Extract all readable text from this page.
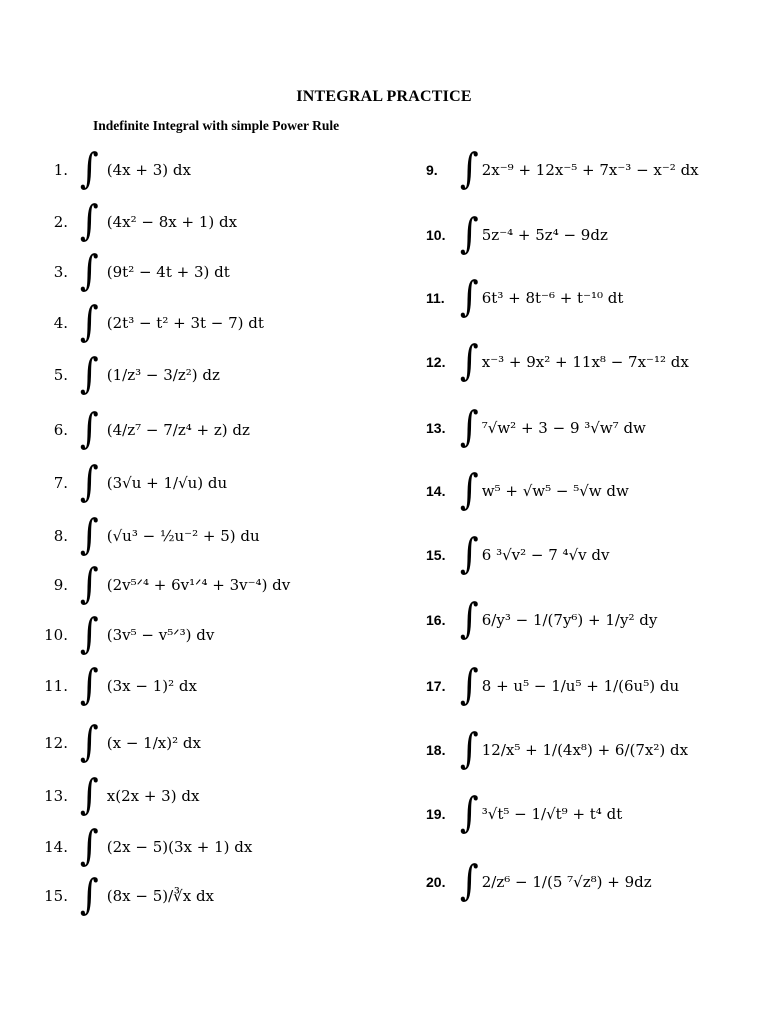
INTEGRAL PRACTICE
Indefinite Integral with simple Power Rule
1. ∫ (4x + 3) dx
2. ∫ (4x² − 8x + 1) dx
3. ∫ (9t² − 4t + 3) dt
4. ∫ (2t³ − t² + 3t − 7) dt
5. ∫ (1/z³ − 3/z²) dz
6. ∫ (4/z⁷ − 7/z⁴ + z) dz
7. ∫ (3√u + 1/√u) du
8. ∫ (√u³ − ½u⁻² + 5) du
9. ∫ (2v⁵ᐟ⁴ + 6v¹ᐟ⁴ + 3v⁻⁴) dv
10. ∫ (3v⁵ − v⁵ᐟ³) dv
11. ∫ (3x − 1)² dx
12. ∫ (x − 1/x)² dx
13. ∫ x(2x + 3) dx
14. ∫ (2x − 5)(3x + 1) dx
15. ∫ (8x − 5)/∛x dx
9. ∫ 2x⁻⁹ + 12x⁻⁵ + 7x⁻³ − x⁻² dx
10. ∫ 5z⁻⁴ + 5z⁴ − 9dz
11. ∫ 6t³ + 8t⁻⁶ + t⁻¹⁰ dt
12. ∫ x⁻³ + 9x² + 11x⁸ − 7x⁻¹² dx
13. ∫ ⁷√w² + 3 − 9 ³√w⁷ dw
14. ∫ w⁵ + √w⁵ − ⁵√w dw
15. ∫ 6 ³√v² − 7 ⁴√v dv
16. ∫ 6/y³ − 1/(7y⁶) + 1/y² dy
17. ∫ 8 + u⁵ − 1/u⁵ + 1/(6u⁵) du
18. ∫ 12/x⁵ + 1/(4x⁸) + 6/(7x²) dx
19. ∫ ³√t⁵ − 1/√t⁹ + t⁴ dt
20. ∫ 2/z⁶ − 1/(5 ⁷√z⁸) + 9dz
